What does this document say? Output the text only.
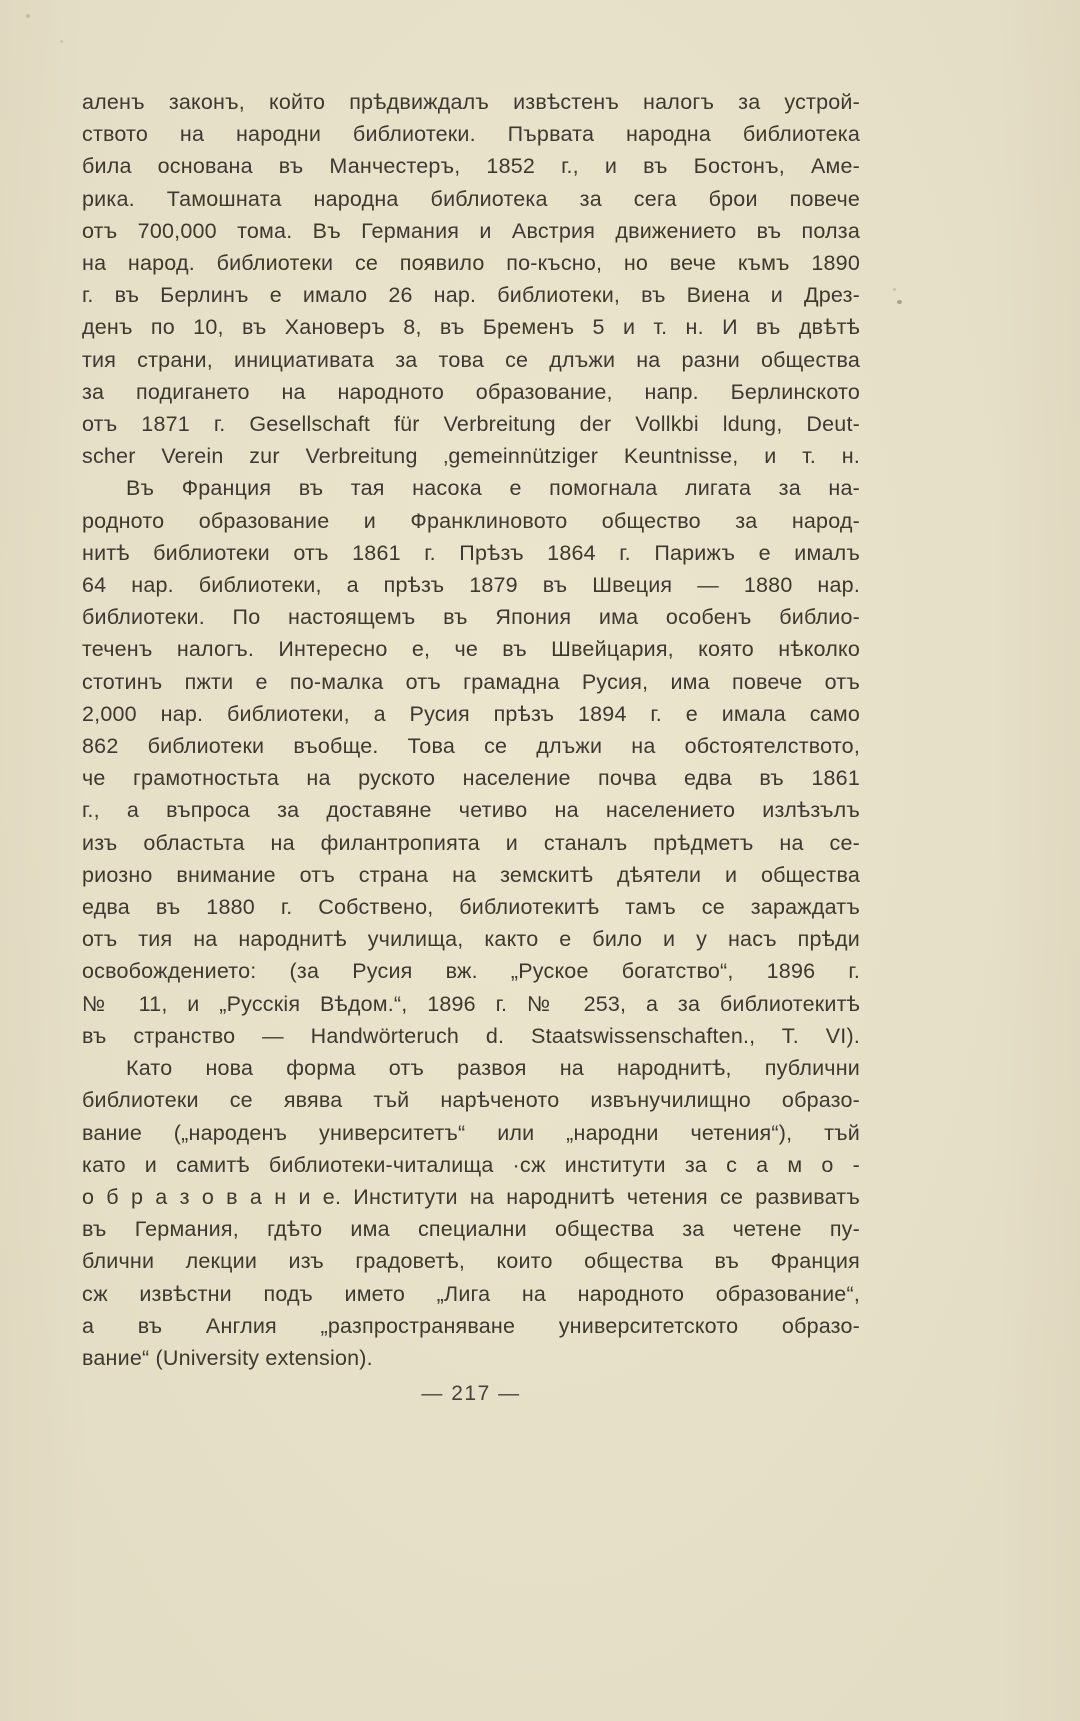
аленъ законъ, който прѣдвиждалъ извѣстенъ налогъ за устрой-
ството на народни библиотеки. Първата народна библиотека
била основана въ Манчестеръ, 1852 г., и въ Бостонъ, Аме-
рика. Тамошната народна библиотека за сега брои повече
отъ 700,000 тома. Въ Германия и Австрия движението въ полза
на народ. библиотеки се появило по-късно, но вече къмъ 1890
г. въ Берлинъ е имало 26 нар. библиотеки, въ Виена и Дрез-
денъ по 10, въ Хановеръ 8, въ Бременъ 5 и т. н. И въ двѣтѣ
тия страни, инициативата за това се длъжи на разни общества
за подигането на народното образование, напр. Берлинското
отъ 1871 г. Gesellschaft für Verbreitung der Vollkbi ldung, Deut-
scher Verein zur Verbreitung ‚gemeinnütziger Keuntnisse, и т. н.
Въ Франция въ тая насока е помогнала лигата за на-
родното образование и Франклиновото общество за народ-
нитѣ библиотеки отъ 1861 г. Прѣзъ 1864 г. Парижъ е ималъ
64 нар. библиотеки, а прѣзъ 1879 въ Швеция — 1880 нар.
библиотеки. По настоящемъ въ Япония има особенъ библио-
теченъ налогъ. Интересно е, че въ Швейцария, която нѣколко
стотинъ пжти е по-малка отъ грамадна Русия, има повече отъ
2,000 нар. библиотеки, а Русия прѣзъ 1894 г. е имала само
862 библиотеки въобще. Това се длъжи на обстоятелството,
че грамотностьта на руското население почва едва въ 1861
г., а въпроса за доставяне четиво на населението излѣзълъ
изъ областьта на филантропията и станалъ прѣдметъ на се-
риозно внимание отъ страна на земскитѣ дѣятели и общества
едва въ 1880 г. Собствено, библиотекитѣ тамъ се зараждатъ
отъ тия на народнитѣ училища, както е било и у насъ прѣди
освобождението: (за Русия вж. „Руское богатство“, 1896 г.
№ 11, и „Русскія Вѣдом.“, 1896 г. № 253, а за библиотекитѣ
въ странство — Handwörteruch d. Staatswissenschaften., T. VI).
Като нова форма отъ развоя на народнитѣ, публични
библиотеки се явява тъй нарѣченото извънучилищно образо-
вание („народенъ университетъ“ или „народни четения“), тъй
като и самитѣ библиотеки-читалища ·сж институти за с а м о -
о б р а з о в а н и е. Институти на народнитѣ четения се развиватъ
въ Германия, гдѣто има специални общества за четене пу-
блични лекции изъ градоветѣ, които общества въ Франция
сж извѣстни подъ името „Лига на народното образование“,
а въ Англия „разпространяване университетското образо-
вание“ (University extension).
— 217 —
